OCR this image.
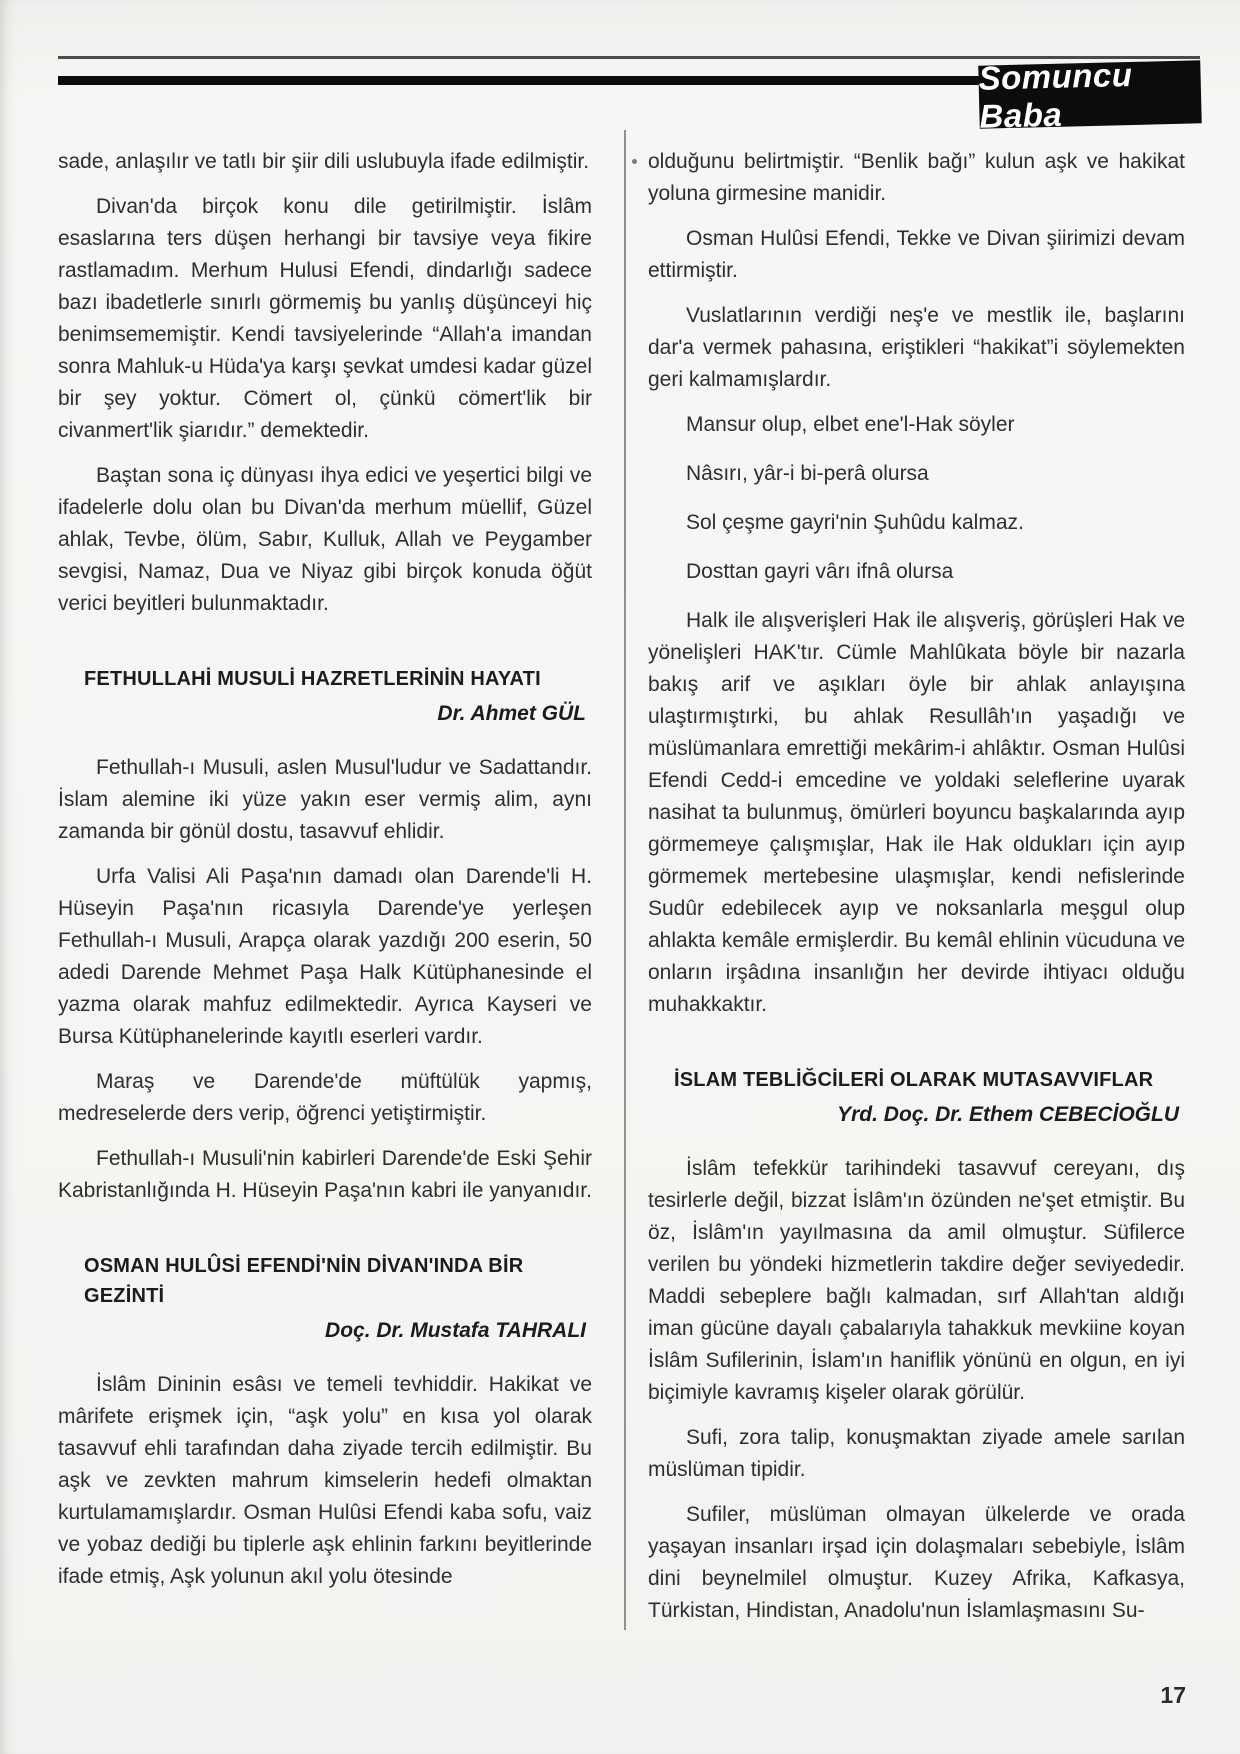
Somuncu Baba

sade, anlaşılır ve tatlı bir şiir dili uslubuyla ifade edilmiştir.

Divan'da birçok konu dile getirilmiştir. İslâm esaslarına ters düşen herhangi bir tavsiye veya fikire rastlamadım. Merhum Hulusi Efendi, dindarlığı sadece bazı ibadetlerle sınırlı görmemiş bu yanlış düşünceyi hiç benimsememiştir. Kendi tavsiyelerinde “Allah'a imandan sonra Mahluk-u Hüda'ya karşı şevkat umdesi kadar güzel bir şey yoktur. Cömert ol, çünkü cömert'lik bir civanmert'lik şiarıdır.” demektedir.

Baştan sona iç dünyası ihya edici ve yeşertici bilgi ve ifadelerle dolu olan bu Divan'da merhum müellif, Güzel ahlak, Tevbe, ölüm, Sabır, Kulluk, Allah ve Peygamber sevgisi, Namaz, Dua ve Niyaz gibi birçok konuda öğüt verici beyitleri bulunmaktadır.

FETHULLAHİ MUSULİ HAZRETLERİNİN HAYATI
Dr. Ahmet GÜL

Fethullah-ı Musuli, aslen Musul'ludur ve Sadattandır. İslam alemine iki yüze yakın eser vermiş alim, aynı zamanda bir gönül dostu, tasavvuf ehlidir.

Urfa Valisi Ali Paşa'nın damadı olan Darende'li H. Hüseyin Paşa'nın ricasıyla Darende'ye yerleşen Fethullah-ı Musuli, Arapça olarak yazdığı 200 eserin, 50 adedi Darende Mehmet Paşa Halk Kütüphanesinde el yazma olarak mahfuz edilmektedir. Ayrıca Kayseri ve Bursa Kütüphanelerinde kayıtlı eserleri vardır.

Maraş ve Darende'de müftülük yapmış, medreselerde ders verip, öğrenci yetiştirmiştir.

Fethullah-ı Musuli'nin kabirleri Darende'de Eski Şehir Kabristanlığında H. Hüseyin Paşa'nın kabri ile yanyanıdır.

OSMAN HULÛSİ EFENDİ'NİN DİVAN'INDA BİR GEZİNTİ
Doç. Dr. Mustafa TAHRALI

İslâm Dininin esâsı ve temeli tevhiddir. Hakikat ve mârifete erişmek için, “aşk yolu” en kısa yol olarak tasavvuf ehli tarafından daha ziyade tercih edilmiştir. Bu aşk ve zevkten mahrum kimselerin hedefi olmaktan kurtulamamışlardır. Osman Hulûsi Efendi kaba sofu, vaiz ve yobaz dediği bu tiplerle aşk ehlinin farkını beyitlerinde ifade etmiş, Aşk yolunun akıl yolu ötesinde

olduğunu belirtmiştir. “Benlik bağı” kulun aşk ve hakikat yoluna girmesine manidir.

Osman Hulûsi Efendi, Tekke ve Divan şiirimizi devam ettirmiştir.

Vuslatlarının verdiği neş'e ve mestlik ile, başlarını dar'a vermek pahasına, eriştikleri “hakikat”i söylemekten geri kalmamışlardır.

Mansur olup, elbet ene'l-Hak söyler

Nâsırı, yâr-i bi-perâ olursa

Sol çeşme gayri'nin Şuhûdu kalmaz.

Dosttan gayri vârı ifnâ olursa

Halk ile alışverişleri Hak ile alışveriş, görüşleri Hak ve yönelişleri HAK'tır. Cümle Mahlûkata böyle bir nazarla bakış arif ve aşıkları öyle bir ahlak anlayışına ulaştırmıştırki, bu ahlak Resullâh'ın yaşadığı ve müslümanlara emrettiği mekârim-i ahlâktır. Osman Hulûsi Efendi Cedd-i emcedine ve yoldaki seleflerine uyarak nasihat ta bulunmuş, ömürleri boyuncu başkalarında ayıp görmemeye çalışmışlar, Hak ile Hak oldukları için ayıp görmemek mertebesine ulaşmışlar, kendi nefislerinde Sudûr edebilecek ayıp ve noksanlarla meşgul olup ahlakta kemâle ermişlerdir. Bu kemâl ehlinin vücuduna ve onların irşâdına insanlığın her devirde ihtiyacı olduğu muhakkaktır.

İSLAM TEBLİĞCİLERİ OLARAK MUTASAVVIFLAR
Yrd. Doç. Dr. Ethem CEBECİOĞLU

İslâm tefekkür tarihindeki tasavvuf cereyanı, dış tesirlerle değil, bizzat İslâm'ın özünden ne'şet etmiştir. Bu öz, İslâm'ın yayılmasına da amil olmuştur. Süfilerce verilen bu yöndeki hizmetlerin takdire değer seviyededir. Maddi sebeplere bağlı kalmadan, sırf Allah'tan aldığı iman gücüne dayalı çabalarıyla tahakkuk mevkiine koyan İslâm Sufilerinin, İslam'ın haniflik yönünü en olgun, en iyi biçimiyle kavramış kişeler olarak görülür.

Sufi, zora talip, konuşmaktan ziyade amele sarılan müslüman tipidir.

Sufiler, müslüman olmayan ülkelerde ve orada yaşayan insanları irşad için dolaşmaları sebebiyle, İslâm dini beynelmilel olmuştur. Kuzey Afrika, Kafkasya, Türkistan, Hindistan, Anadolu'nun İslamlaşmasını Su-

17
